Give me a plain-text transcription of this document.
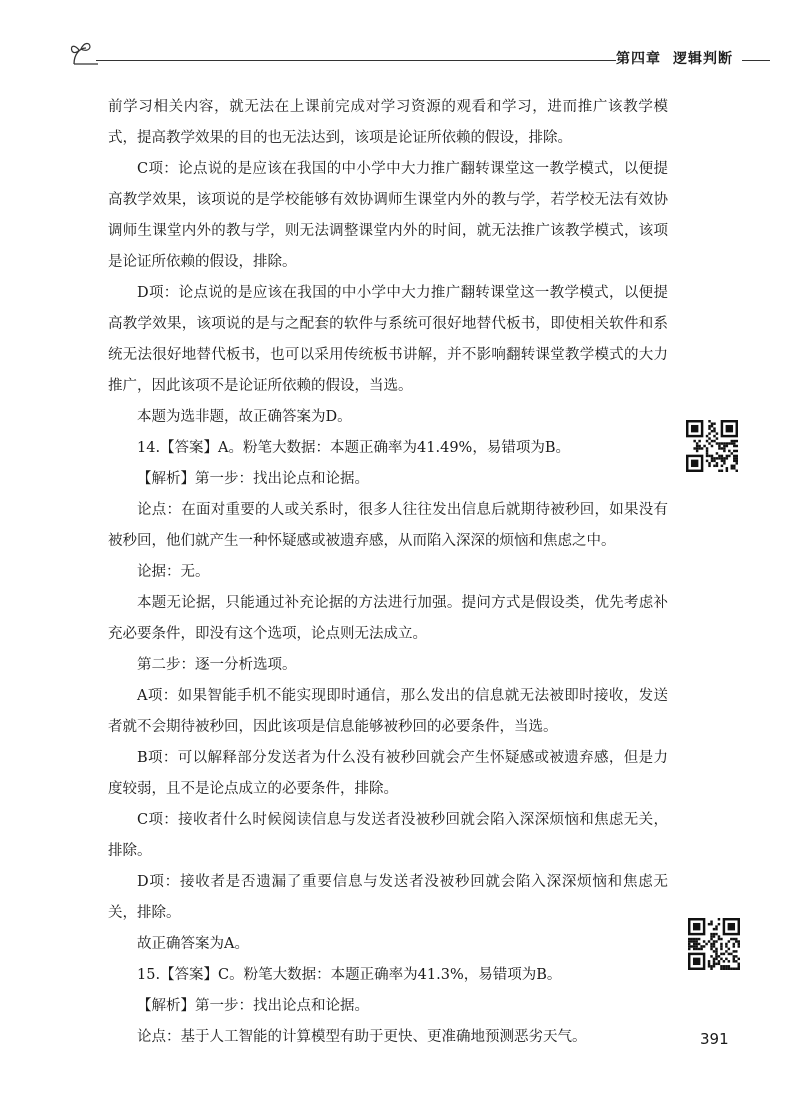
第四章 逻辑判断

前学习相关内容，就无法在上课前完成对学习资源的观看和学习，进而推广该教学模式，提高教学效果的目的也无法达到，该项是论证所依赖的假设，排除。

C项：论点说的是应该在我国的中小学中大力推广翻转课堂这一教学模式，以便提高教学效果，该项说的是学校能够有效协调师生课堂内外的教与学，若学校无法有效协调师生课堂内外的教与学，则无法调整课堂内外的时间，就无法推广该教学模式，该项是论证所依赖的假设，排除。

D项：论点说的是应该在我国的中小学中大力推广翻转课堂这一教学模式，以便提高教学效果，该项说的是与之配套的软件与系统可很好地替代板书，即使相关软件和系统无法很好地替代板书，也可以采用传统板书讲解，并不影响翻转课堂教学模式的大力推广，因此该项不是论证所依赖的假设，当选。

本题为选非题，故正确答案为D。

14.【答案】A。粉笔大数据：本题正确率为41.49%，易错项为B。

【解析】第一步：找出论点和论据。

论点：在面对重要的人或关系时，很多人往往发出信息后就期待被秒回，如果没有被秒回，他们就产生一种怀疑感或被遗弃感，从而陷入深深的烦恼和焦虑之中。

论据：无。

本题无论据，只能通过补充论据的方法进行加强。提问方式是假设类，优先考虑补充必要条件，即没有这个选项，论点则无法成立。

第二步：逐一分析选项。

A项：如果智能手机不能实现即时通信，那么发出的信息就无法被即时接收，发送者就不会期待被秒回，因此该项是信息能够被秒回的必要条件，当选。

B项：可以解释部分发送者为什么没有被秒回就会产生怀疑感或被遗弃感，但是力度较弱，且不是论点成立的必要条件，排除。

C项：接收者什么时候阅读信息与发送者没被秒回就会陷入深深烦恼和焦虑无关，排除。

D项：接收者是否遗漏了重要信息与发送者没被秒回就会陷入深深烦恼和焦虑无关，排除。

故正确答案为A。

15.【答案】C。粉笔大数据：本题正确率为41.3%，易错项为B。

【解析】第一步：找出论点和论据。

论点：基于人工智能的计算模型有助于更快、更准确地预测恶劣天气。	391
